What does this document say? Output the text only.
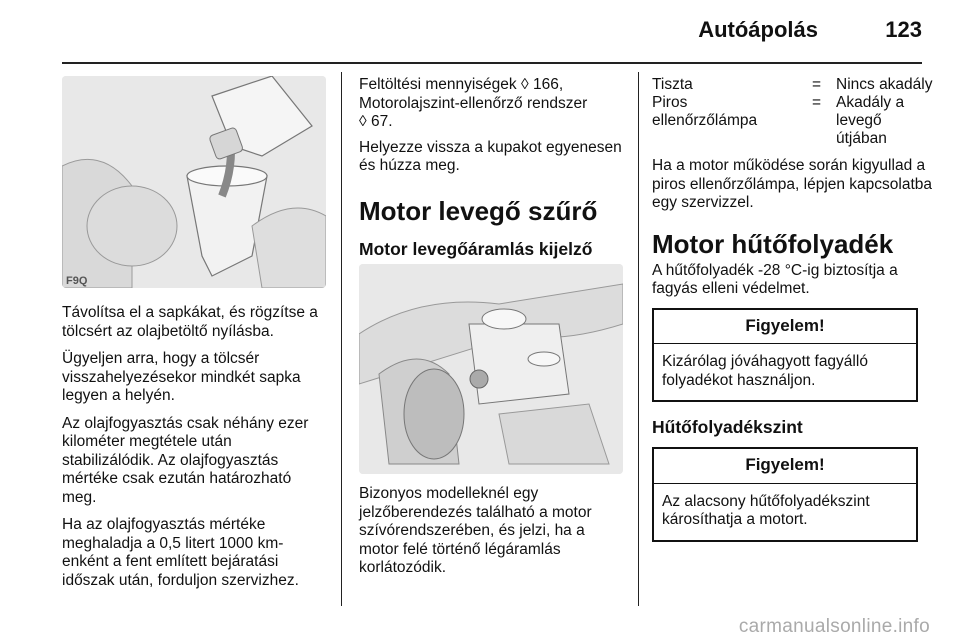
Autóápolás	123
F9Q

Távolítsa el a sapkákat, és rögzítse a tölcsért az olajbetöltő nyílásba.

Ügyeljen arra, hogy a tölcsér visszahelyezésekor mindkét sapka legyen a helyén.

Az olajfogyasztás csak néhány ezer kilométer megtétele után stabilizálódik. Az olajfogyasztás mértéke csak ezután határozható meg.

Ha az olajfogyasztás mértéke meghaladja a 0,5 litert 1000 km-enként a fent említett bejáratási időszak után, forduljon szervizhez.

Feltöltési mennyiségek ◊ 166, Motorolajszint-ellenőrző rendszer
◊ 67.

Helyezze vissza a kupakot egyenesen és húzza meg.

Motor levegő szűrő
Motor levegőáramlás kijelző

Bizonyos modelleknél egy jelzőberendezés található a motor szívórendszerében, és jelzi, ha a motor felé történő légáramlás korlátozódik.

Tiszta	= Nincs akadály
Piros ellenőrzőlámpa
= Akadály a levegő útjában

Ha a motor működése során kigyullad a piros ellenőrzőlámpa, lépjen kapcsolatba egy szervizzel.

Motor hűtőfolyadék

A hűtőfolyadék -28 °C-ig biztosítja a fagyás elleni védelmet.

Figyelem!
Kizárólag jóváhagyott fagyálló folyadékot használjon.
Hűtőfolyadékszint
Figyelem!
Az alacsony hűtőfolyadékszint károsíthatja a motort.
carmanualsonline.info
